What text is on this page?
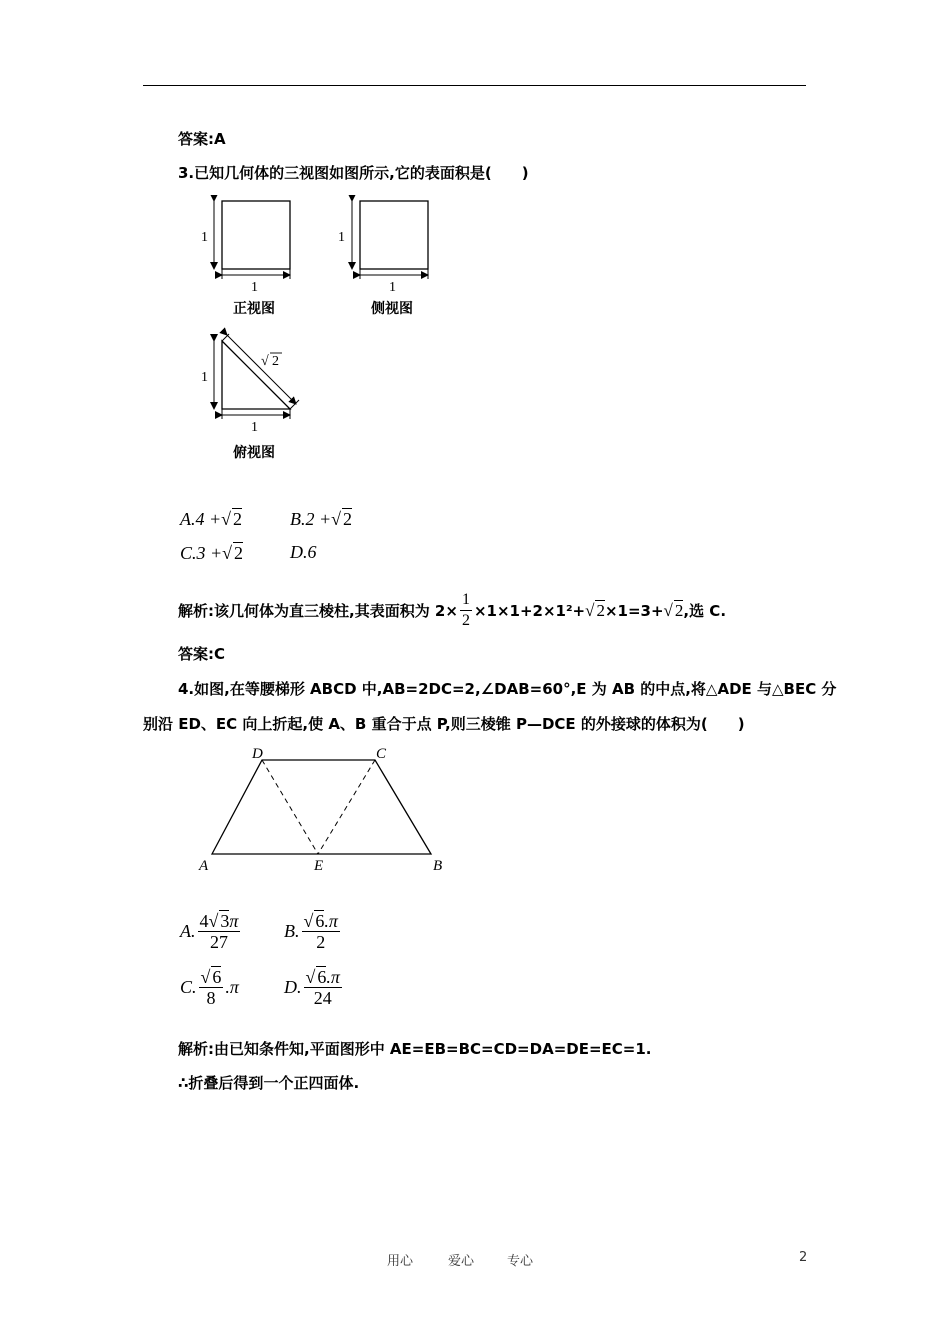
答案:A
3.已知几何体的三视图如图所示,它的表面积是(　　)
1
1
正视图
1
1
侧视图
1
1
√ 2
俯视图
A.4 +√ 2	B.2 +√ 2
C.3 +√ 2	D.6
解析:该几何体为直三棱柱,其表面积为 $2\times \frac{1}{2} \times 1\times 1+2\times 1^2+$ √ 2 ×1=3+ √ 2 ,选 C.
答案:C
4.如图,在等腰梯形 ABCD 中,AB=2DC=2,∠DAB=60°,E 为 AB 的中点,将△ADE 与△BEC 分
别沿 ED、EC 向上折起,使 A、B 重合于点 P,则三棱锥 P—DCE 的外接球的体积为(　　)
D	C
A	E	B
A. $\frac{4√ 3\pi}{27} B$. $\frac{√ 6.\pi}{2}$
C. $\frac{√ 6}{8} .\pi$	D. $\frac{√ 6.\pi}{24}$
解析:由已知条件知,平面图形中 AE=EB=BC=CD=DA=DE=EC=1.
∴折叠后得到一个正四面体.
用心	爱心	专心	2
